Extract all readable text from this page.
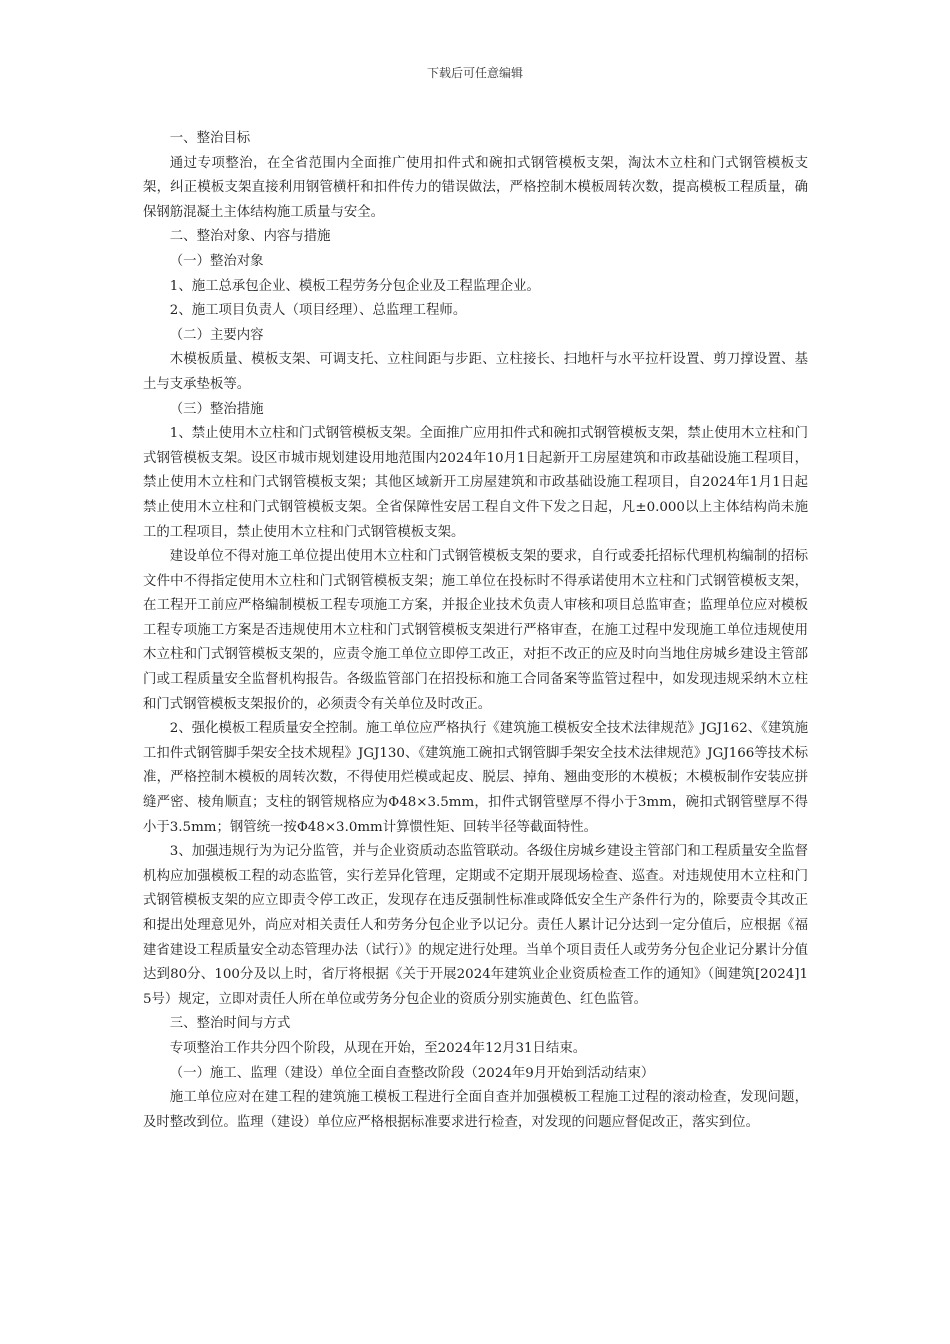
下载后可任意编辑

一、整治目标

通过专项整治，在全省范围内全面推广使用扣件式和碗扣式钢管模板支架，淘汰木立柱和门式钢管模板支架，纠正模板支架直接利用钢管横杆和扣件传力的错误做法，严格控制木模板周转次数，提高模板工程质量，确保钢筋混凝土主体结构施工质量与安全。

二、整治对象、内容与措施

（一）整治对象

1、施工总承包企业、模板工程劳务分包企业及工程监理企业。

2、施工项目负责人（项目经理）、总监理工程师。

（二）主要内容

木模板质量、模板支架、可调支托、立柱间距与步距、立柱接长、扫地杆与水平拉杆设置、剪刀撑设置、基土与支承垫板等。

（三）整治措施

1、禁止使用木立柱和门式钢管模板支架。全面推广应用扣件式和碗扣式钢管模板支架，禁止使用木立柱和门式钢管模板支架。设区市城市规划建设用地范围内2024年10月1日起新开工房屋建筑和市政基础设施工程项目，禁止使用木立柱和门式钢管模板支架；其他区域新开工房屋建筑和市政基础设施工程项目，自2024年1月1日起禁止使用木立柱和门式钢管模板支架。全省保障性安居工程自文件下发之日起，凡±0.000以上主体结构尚未施工的工程项目，禁止使用木立柱和门式钢管模板支架。

建设单位不得对施工单位提出使用木立柱和门式钢管模板支架的要求，自行或委托招标代理机构编制的招标文件中不得指定使用木立柱和门式钢管模板支架；施工单位在投标时不得承诺使用木立柱和门式钢管模板支架，在工程开工前应严格编制模板工程专项施工方案，并报企业技术负责人审核和项目总监审查；监理单位应对模板工程专项施工方案是否违规使用木立柱和门式钢管模板支架进行严格审查，在施工过程中发现施工单位违规使用木立柱和门式钢管模板支架的，应责令施工单位立即停工改正，对拒不改正的应及时向当地住房城乡建设主管部门或工程质量安全监督机构报告。各级监管部门在招投标和施工合同备案等监管过程中，如发现违规采纳木立柱和门式钢管模板支架报价的，必须责令有关单位及时改正。

2、强化模板工程质量安全控制。施工单位应严格执行《建筑施工模板安全技术法律规范》JGJ162、《建筑施工扣件式钢管脚手架安全技术规程》JGJ130、《建筑施工碗扣式钢管脚手架安全技术法律规范》JGJ166等技术标准，严格控制木模板的周转次数，不得使用烂模或起皮、脱层、掉角、翘曲变形的木模板；木模板制作安装应拼缝严密、棱角顺直；支柱的钢管规格应为Φ48×3.5mm，扣件式钢管壁厚不得小于3mm，碗扣式钢管壁厚不得小于3.5mm；钢管统一按Φ48×3.0mm计算惯性矩、回转半径等截面特性。

3、加强违规行为为记分监管，并与企业资质动态监管联动。各级住房城乡建设主管部门和工程质量安全监督机构应加强模板工程的动态监管，实行差异化管理，定期或不定期开展现场检查、巡查。对违规使用木立柱和门式钢管模板支架的应立即责令停工改正，发现存在违反强制性标准或降低安全生产条件行为的，除要责令其改正和提出处理意见外，尚应对相关责任人和劳务分包企业予以记分。责任人累计记分达到一定分值后，应根据《福建省建设工程质量安全动态管理办法（试行）》的规定进行处理。当单个项目责任人或劳务分包企业记分累计分值达到80分、100分及以上时，省厅将根据《关于开展2024年建筑业企业资质检查工作的通知》（闽建筑[2024]15号）规定，立即对责任人所在单位或劳务分包企业的资质分别实施黄色、红色监管。

三、整治时间与方式

专项整治工作共分四个阶段，从现在开始，至2024年12月31日结束。

（一）施工、监理（建设）单位全面自查整改阶段（2024年9月开始到活动结束）

施工单位应对在建工程的建筑施工模板工程进行全面自查并加强模板工程施工过程的滚动检查，发现问题，及时整改到位。监理（建设）单位应严格根据标准要求进行检查，对发现的问题应督促改正，落实到位。
